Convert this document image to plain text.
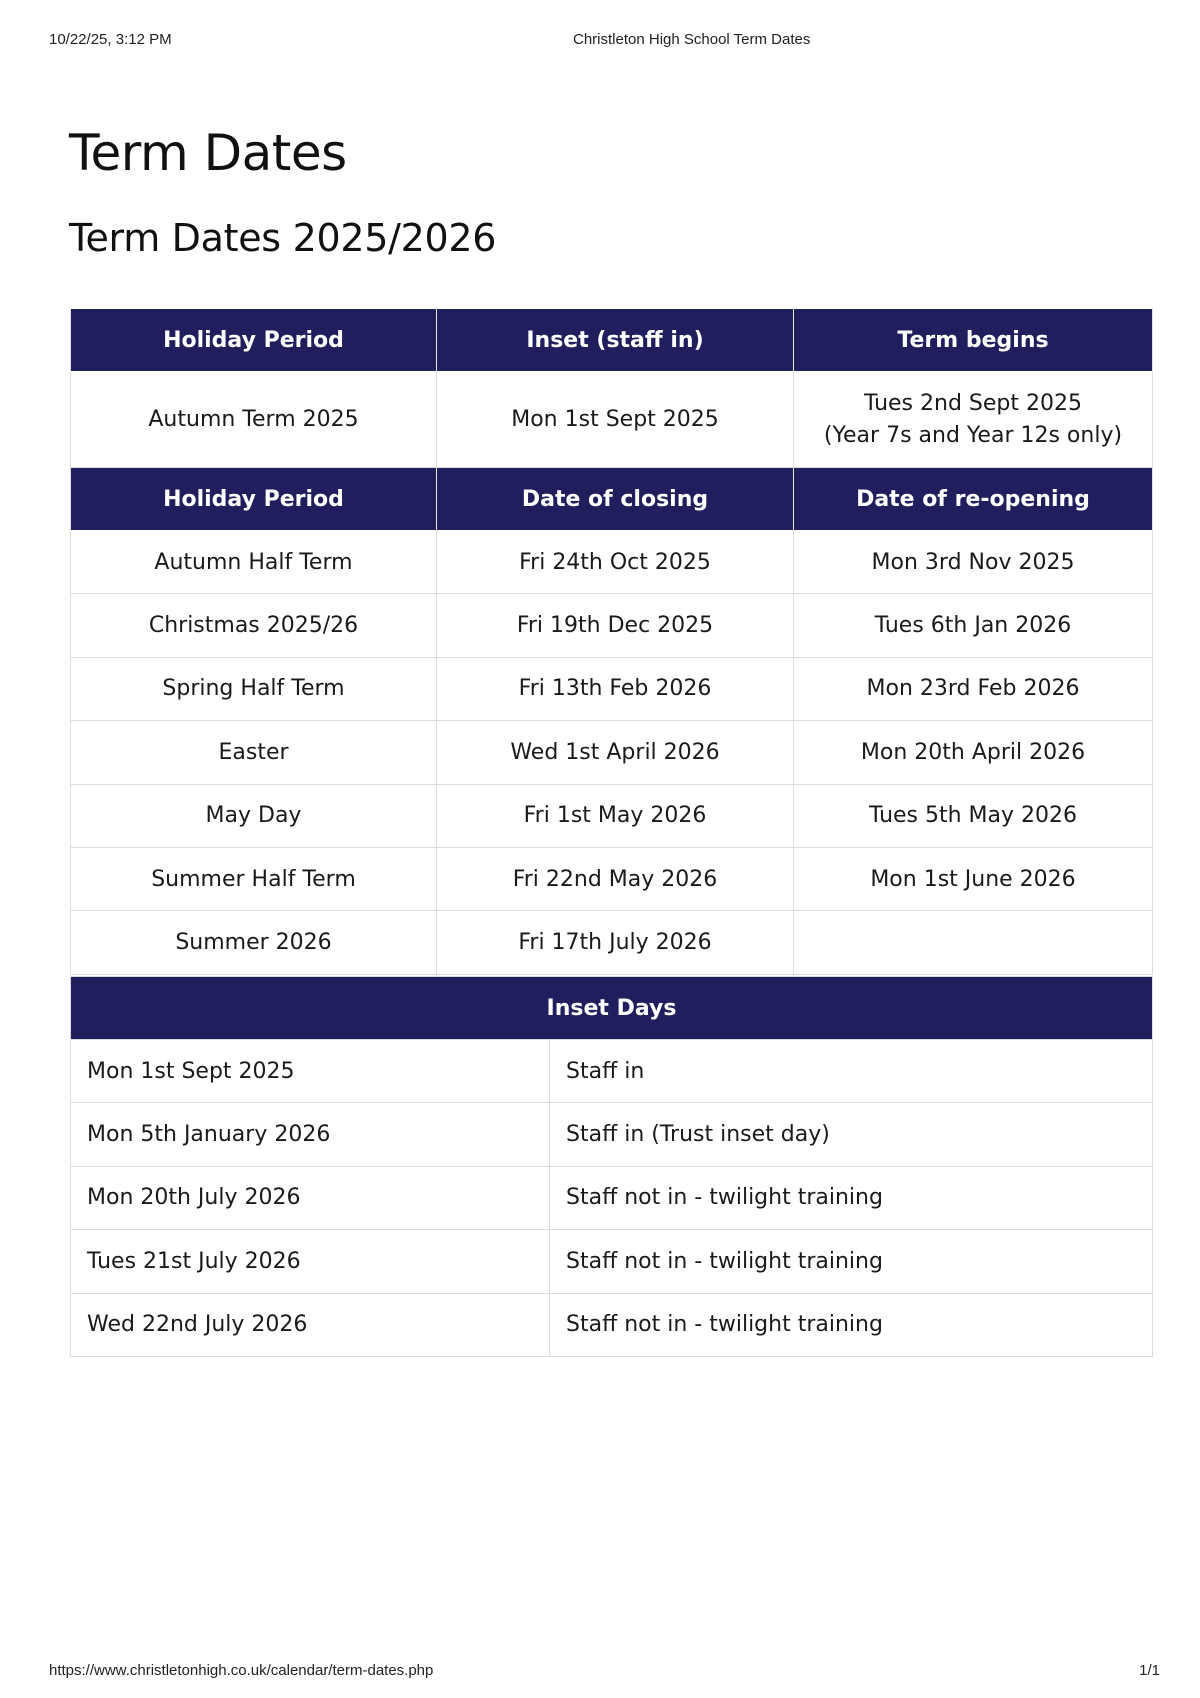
10/22/25, 3:12 PM	Christleton High School Term Dates
Term Dates
Term Dates 2025/2026
Holiday Period	Inset (staff in)	Term begins
Autumn Term 2025	Mon 1st Sept 2025	Tues 2nd Sept 2025
(Year 7s and Year 12s only)

Holiday Period	Date of closing	Date of re-opening
Autumn Half Term	Fri 24th Oct 2025	Mon 3rd Nov 2025
Christmas 2025/26	Fri 19th Dec 2025	Tues 6th Jan 2026
Spring Half Term	Fri 13th Feb 2026	Mon 23rd Feb 2026
Easter	Wed 1st April 2026	Mon 20th April 2026
May Day	Fri 1st May 2026	Tues 5th May 2026
Summer Half Term	Fri 22nd May 2026	Mon 1st June 2026
Summer 2026	Fri 17th July 2026	
Inset Days	
Mon 1st Sept 2025	Staff in
Mon 5th January 2026	Staff in (Trust inset day)
Mon 20th July 2026	Staff not in - twilight training
Tues 21st July 2026	Staff not in - twilight training
Wed 22nd July 2026	Staff not in - twilight training
https://www.christletonhigh.co.uk/calendar/term-dates.php	1/1
